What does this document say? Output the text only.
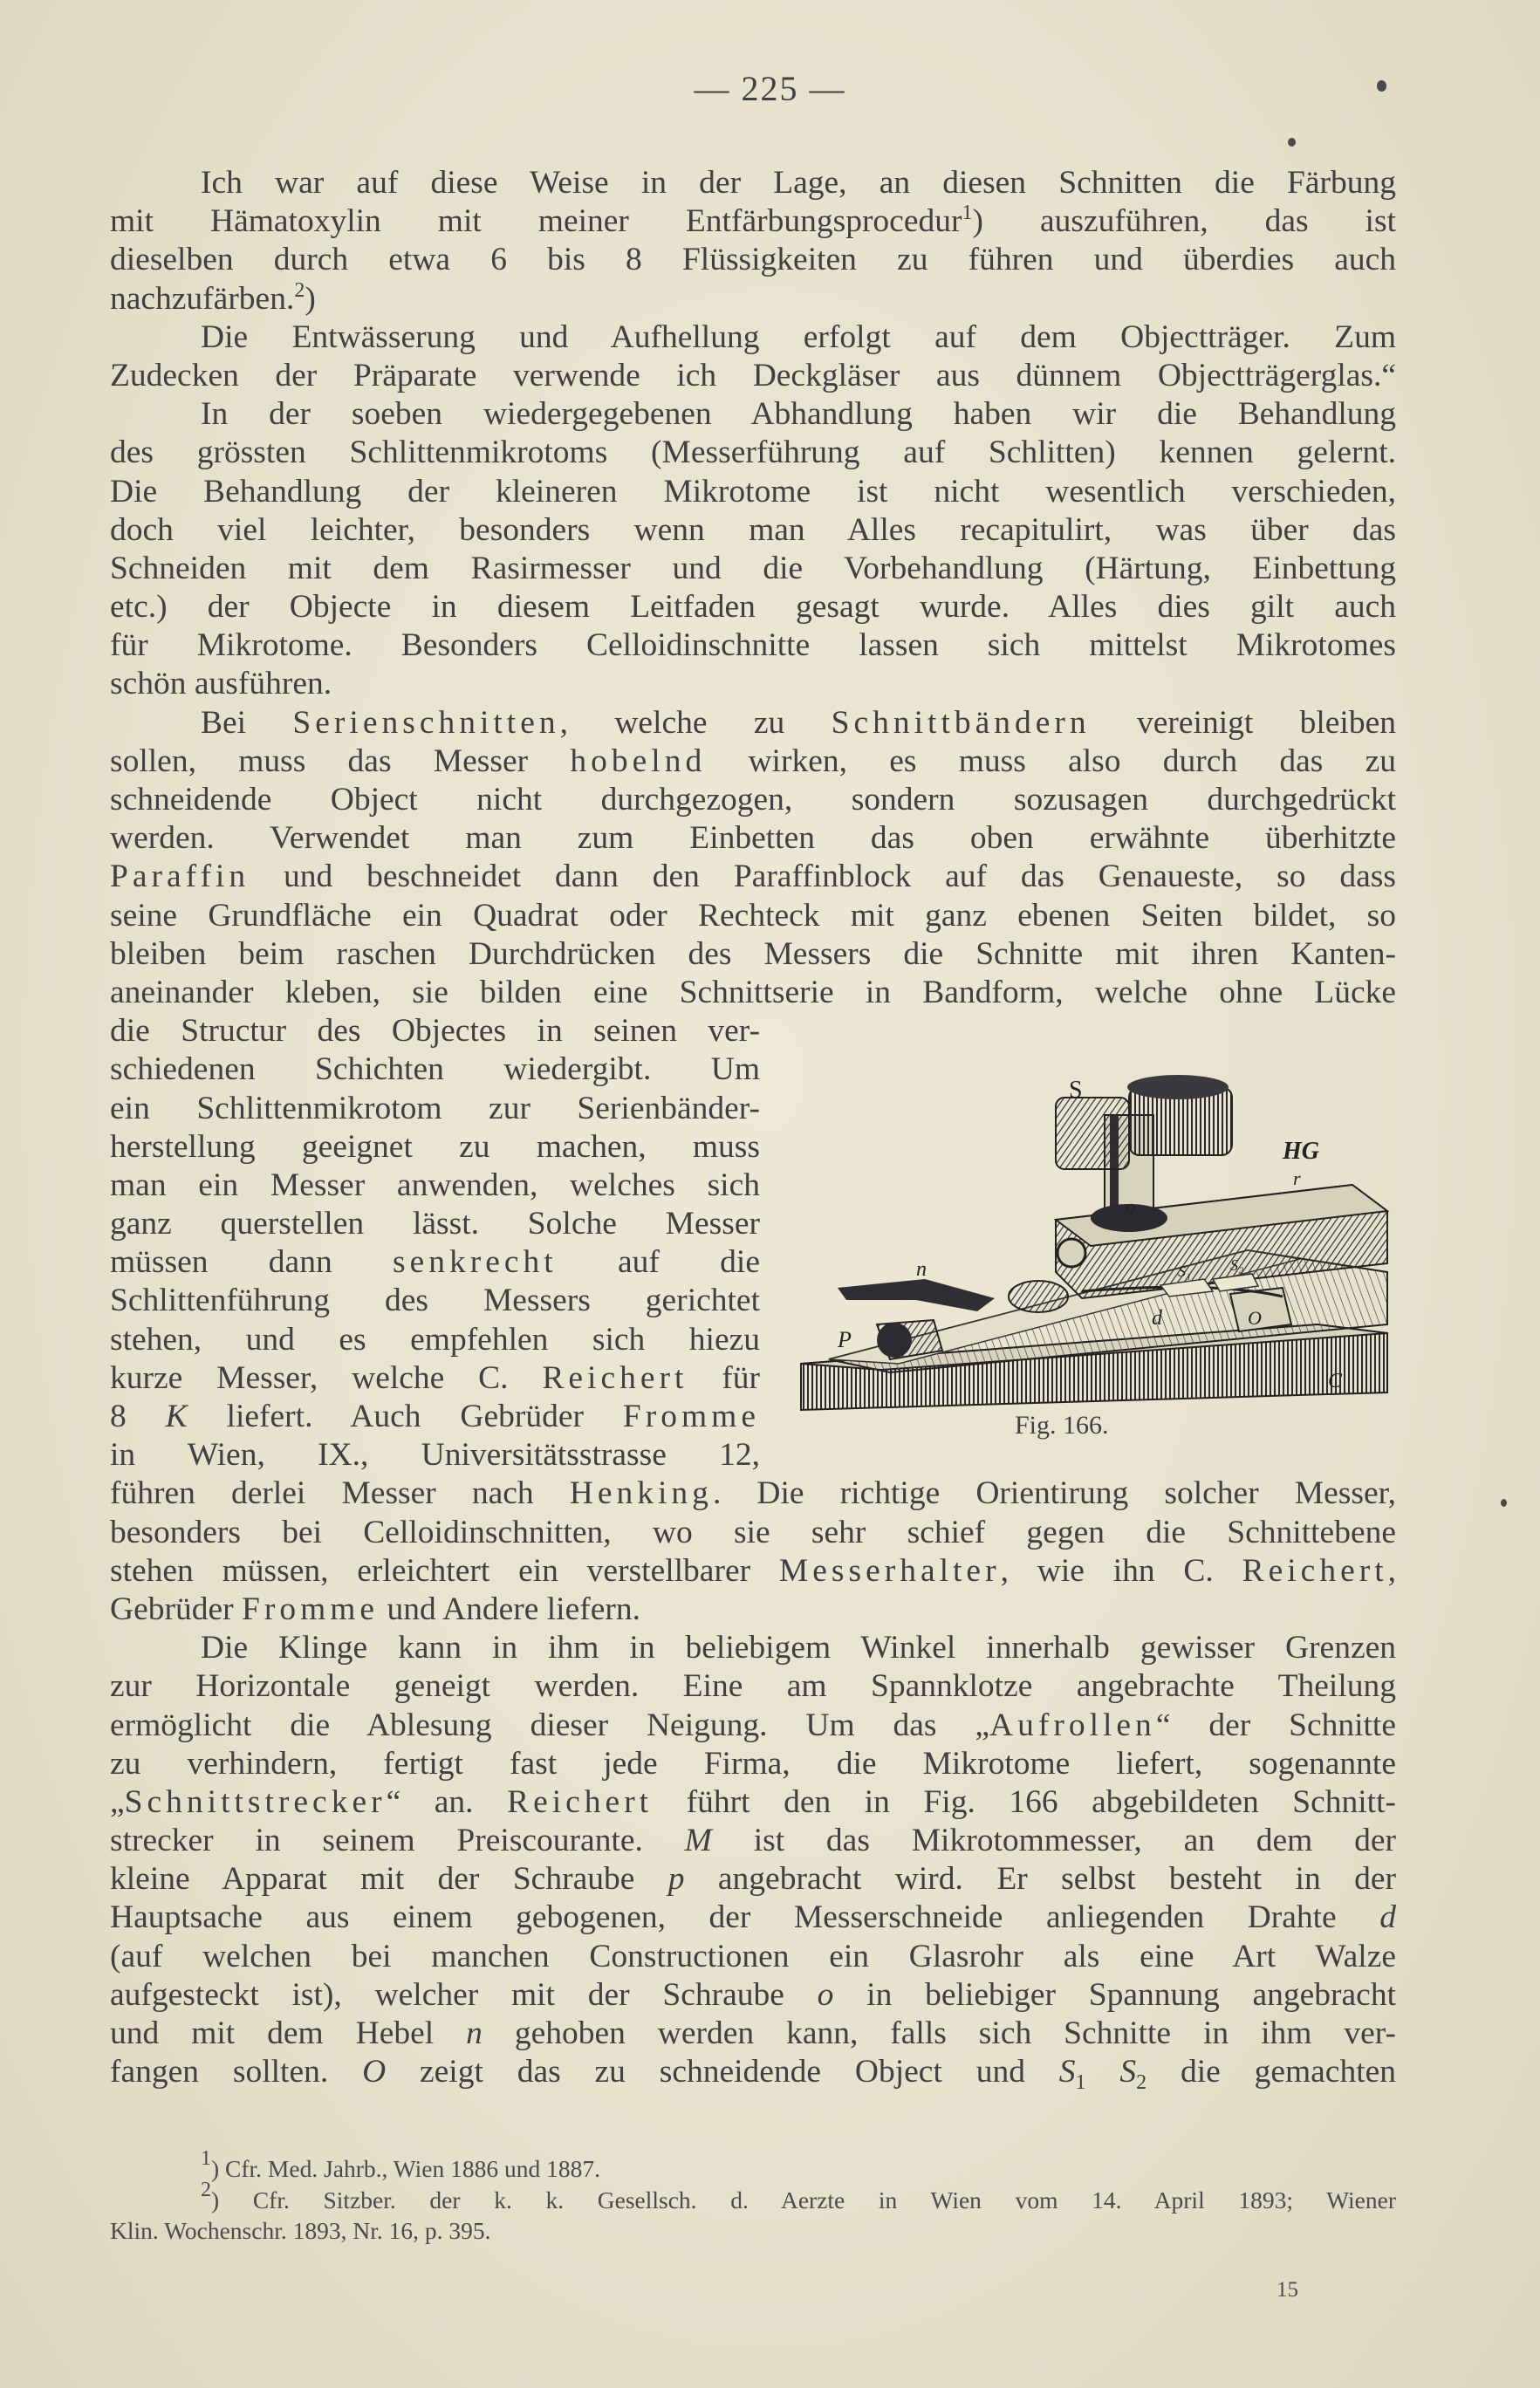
— 225 —
Ich war auf diese Weise in der Lage, an diesen Schnitten die Färbung
mit Hämatoxylin mit meiner Entfärbungsprocedur$^1$) auszuführen, das ist
dieselben durch etwa 6 bis 8 Flüssigkeiten zu führen und überdies auch
nachzufärben.$^2$)
Die Entwässerung und Aufhellung erfolgt auf dem Objectträger. Zum
Zudecken der Präparate verwende ich Deckgläser aus dünnem Objectträgerglas.“
In der soeben wiedergegebenen Abhandlung haben wir die Behandlung
des grössten Schlittenmikrotoms (Messerführung auf Schlitten) kennen gelernt.
Die Behandlung der kleineren Mikrotome ist nicht wesentlich verschieden,
doch viel leichter, besonders wenn man Alles recapitulirt, was über das
Schneiden mit dem Rasirmesser und die Vorbehandlung (Härtung, Einbettung
etc.) der Objecte in diesem Leitfaden gesagt wurde. Alles dies gilt auch
für Mikrotome. Besonders Celloidinschnitte lassen sich mittelst Mikrotomes
schön ausführen.
Bei Serienschnitten, welche zu Schnittbändern vereinigt bleiben
sollen, muss das Messer hobelnd wirken, es muss also durch das zu
schneidende Object nicht durchgezogen, sondern sozusagen durchgedrückt
werden. Verwendet man zum Einbetten das oben erwähnte überhitzte
Paraffin und beschneidet dann den Paraffinblock auf das Genaueste, so dass
seine Grundfläche ein Quadrat oder Rechteck mit ganz ebenen Seiten bildet, so
bleiben beim raschen Durchdrücken des Messers die Schnitte mit ihren Kanten-
aneinander kleben, sie bilden eine Schnittserie in Bandform, welche ohne Lücke
die Structur des Objectes in seinen ver-
schiedenen Schichten wiedergibt. Um
ein Schlittenmikrotom zur Serienbänder-
herstellung geeignet zu machen, muss
man ein Messer anwenden, welches sich
ganz querstellen lässt. Solche Messer
müssen dann senkrecht auf die
Schlittenführung des Messers gerichtet
stehen, und es empfehlen sich hiezu
kurze Messer, welche C. Reichert für
8 K liefert. Auch Gebrüder Fromme
in Wien, IX., Universitätsstrasse 12,
führen derlei Messer nach Henking. Die richtige Orientirung solcher Messer,
besonders bei Celloidinschnitten, wo sie sehr schief gegen die Schnittebene
stehen müssen, erleichtert ein verstellbarer Messerhalter, wie ihn C. Reichert,
Gebrüder Fromme und Andere liefern.
Die Klinge kann in ihm in beliebigem Winkel innerhalb gewisser Grenzen
zur Horizontale geneigt werden. Eine am Spannklotze angebrachte Theilung
ermöglicht die Ablesung dieser Neigung. Um das „Aufrollen“ der Schnitte
zu verhindern, fertigt fast jede Firma, die Mikrotome liefert, sogenannte
„Schnittstrecker“ an. Reichert führt den in Fig. 166 abgebildeten Schnitt-
strecker in seinem Preiscourante. M ist das Mikrotommesser, an dem der
kleine Apparat mit der Schraube p angebracht wird. Er selbst besteht in der
Hauptsache aus einem gebogenen, der Messerschneide anliegenden Drahte d
(auf welchen bei manchen Constructionen ein Glasrohr als eine Art Walze
aufgesteckt ist), welcher mit der Schraube o in beliebiger Spannung angebracht
und mit dem Hebel n gehoben werden kann, falls sich Schnitte in ihm ver-
fangen sollten. O zeigt das zu schneidende Object und $S_1$ $S_2$ die gemachten
o
S
HG
r
n
P
d
S₁ S₂
O
C
Fig. 166.
$^1$) Cfr. Med. Jahrb., Wien 1886 und 1887.
$^2$) Cfr. Sitzber. der k. k. Gesellsch. d. Aerzte in Wien vom 14. April 1893; Wiener
Klin. Wochenschr. 1893, Nr. 16, p. 395.
15
